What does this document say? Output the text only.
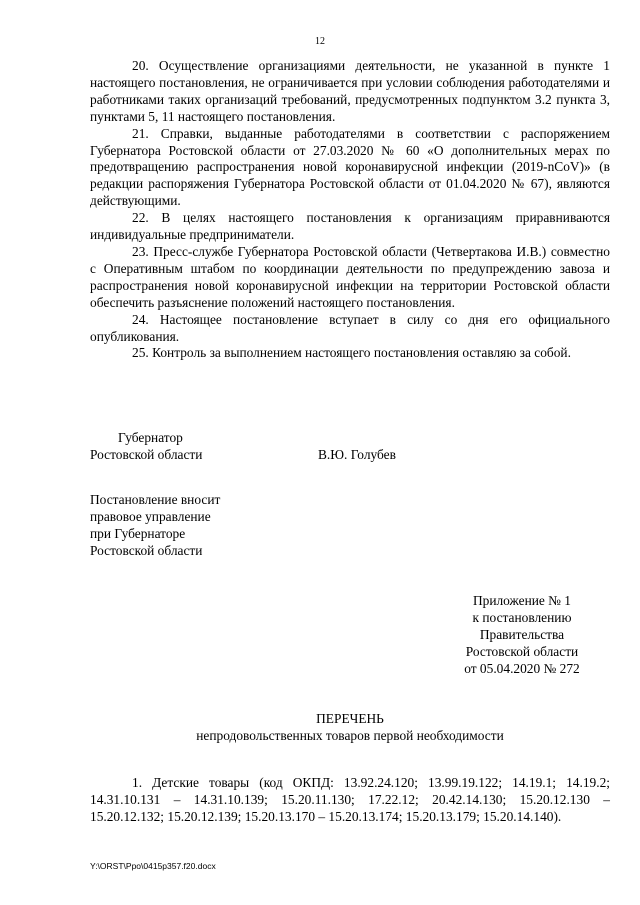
12

20. Осуществление организациями деятельности, не указанной в пункте 1 настоящего постановления, не ограничивается при условии соблюдения работодателями и работниками таких организаций требований, предусмотренных подпунктом 3.2 пункта 3, пунктами 5, 11 настоящего постановления.

21. Справки, выданные работодателями в соответствии с распоряжением Губернатора Ростовской области от 27.03.2020 № 60 «О дополнительных мерах по предотвращению распространения новой коронавирусной инфекции (2019-nCoV)» (в редакции распоряжения Губернатора Ростовской области от 01.04.2020 № 67), являются действующими.

22. В целях настоящего постановления к организациям приравниваются индивидуальные предприниматели.

23. Пресс-службе Губернатора Ростовской области (Четвертакова И.В.) совместно с Оперативным штабом по координации деятельности по предупреждению завоза и распространения новой коронавирусной инфекции на территории Ростовской области обеспечить разъяснение положений настоящего постановления.

24. Настоящее постановление вступает в силу со дня его официального опубликования.

25. Контроль за выполнением настоящего постановления оставляю за собой.

Губернатор
Ростовской области	В.Ю. Голубев
Постановление вносит
правовое управление
при Губернаторе
Ростовской области
Приложение № 1
к постановлению
Правительства
Ростовской области
от 05.04.2020 № 272
ПЕРЕЧЕНЬ
непродовольственных товаров первой необходимости

1. Детские товары (код ОКПД: 13.92.24.120; 13.99.19.122; 14.19.1; 14.19.2; 14.31.10.131 – 14.31.10.139; 15.20.11.130; 17.22.12; 20.42.14.130; 15.20.12.130 – 15.20.12.132; 15.20.12.139; 15.20.13.170 – 15.20.13.174; 15.20.13.179; 15.20.14.140).

Y:\ORST\Ppo\0415p357.f20.docx
